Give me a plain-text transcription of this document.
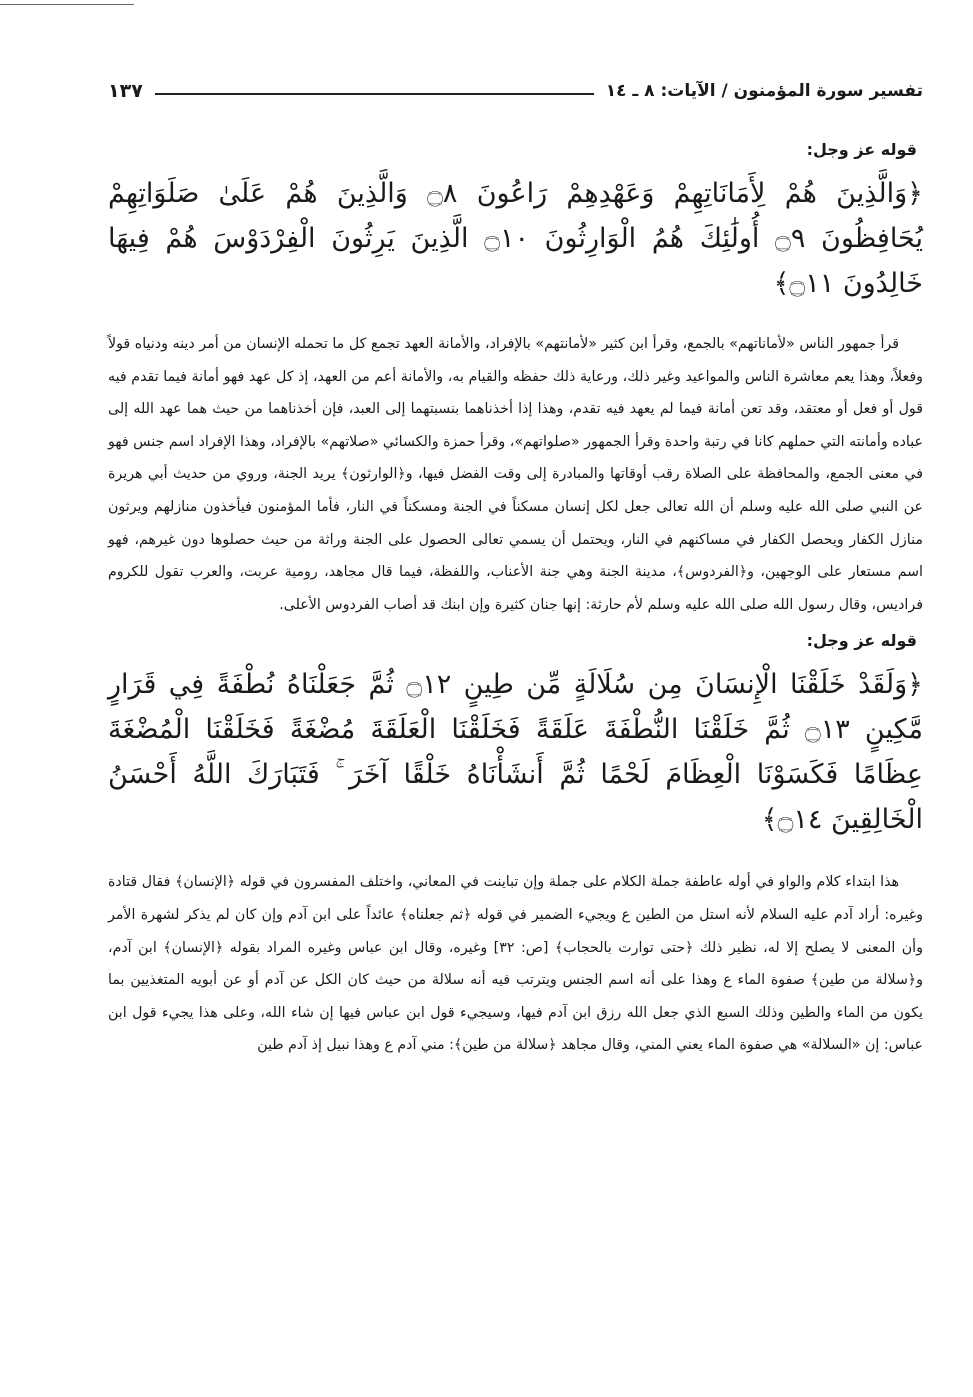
تفسير سورة المؤمنون / الآيات: ٨ ـ ١٤
١٣٧
قوله عز وجل:
﴿وَالَّذِينَ هُمْ لِأَمَانَاتِهِمْ وَعَهْدِهِمْ رَاعُونَ ۝٨ وَالَّذِينَ هُمْ عَلَىٰ صَلَوَاتِهِمْ يُحَافِظُونَ ۝٩ أُولَٰئِكَ هُمُ الْوَارِثُونَ ۝١٠ الَّذِينَ يَرِثُونَ الْفِرْدَوْسَ هُمْ فِيهَا خَالِدُونَ ۝١١﴾

قرأ جمهور الناس «لأماناتهم» بالجمع، وقرأ ابن كثير «لأمانتهم» بالإفراد، والأمانة العهد تجمع كل ما تحمله الإنسان من أمر دينه ودنياه قولاً وفعلاً، وهذا يعم معاشرة الناس والمواعيد وغير ذلك، ورعاية ذلك حفظه والقيام به، والأمانة أعم من العهد، إذ كل عهد فهو أمانة فيما تقدم فيه قول أو فعل أو معتقد، وقد تعن أمانة فيما لم يعهد فيه تقدم، وهذا إذا أخذناهما بنسبتهما إلى العبد، فإن أخذناهما من حيث هما عهد الله إلى عباده وأمانته التي حملهم كانا في رتبة واحدة وقرأ الجمهور «صلواتهم»، وقرأ حمزة والكسائي «صلاتهم» بالإفراد، وهذا الإفراد اسم جنس فهو في معنى الجمع، والمحافظة على الصلاة رقب أوقاتها والمبادرة إلى وقت الفضل فيها، و﴿الوارثون﴾ يريد الجنة، وروي من حديث أبي هريرة عن النبي صلى الله عليه وسلم أن الله تعالى جعل لكل إنسان مسكناً في الجنة ومسكناً في النار، فأما المؤمنون فيأخذون منازلهم ويرثون منازل الكفار ويحصل الكفار في مساكنهم في النار، ويحتمل أن يسمي تعالى الحصول على الجنة وراثة من حيث حصلوها دون غيرهم، فهو اسم مستعار على الوجهين، و﴿الفردوس﴾، مدينة الجنة وهي جنة الأعناب، واللفظة، فيما قال مجاهد، رومية عربت، والعرب تقول للكروم فراديس، وقال رسول الله صلى الله عليه وسلم لأم حارثة: إنها جنان كثيرة وإن ابنك قد أصاب الفردوس الأعلى.

قوله عز وجل:
﴿وَلَقَدْ خَلَقْنَا الْإِنسَانَ مِن سُلَالَةٍ مِّن طِينٍ ۝١٢ ثُمَّ جَعَلْنَاهُ نُطْفَةً فِي قَرَارٍ مَّكِينٍ ۝١٣ ثُمَّ خَلَقْنَا النُّطْفَةَ عَلَقَةً فَخَلَقْنَا الْعَلَقَةَ مُضْغَةً فَخَلَقْنَا الْمُضْغَةَ عِظَامًا فَكَسَوْنَا الْعِظَامَ لَحْمًا ثُمَّ أَنشَأْنَاهُ خَلْقًا آخَرَ ۚ فَتَبَارَكَ اللَّهُ أَحْسَنُ الْخَالِقِينَ ۝١٤﴾

هذا ابتداء كلام والواو في أوله عاطفة جملة الكلام على جملة وإن تباينت في المعاني، واختلف المفسرون في قوله ﴿الإنسان﴾ فقال قتادة وغيره: أراد آدم عليه السلام لأنه استل من الطين ع ويجيء الضمير في قوله ﴿ثم جعلناه﴾ عائداً على ابن آدم وإن كان لم يذكر لشهرة الأمر وأن المعنى لا يصلح إلا له، نظير ذلك ﴿حتى توارت بالحجاب﴾ [ص: ٣٢] وغيره، وقال ابن عباس وغيره المراد بقوله ﴿الإنسان﴾ ابن آدم، و﴿سلالة من طين﴾ صفوة الماء ع وهذا على أنه اسم الجنس ويترتب فيه أنه سلالة من حيث كان الكل عن آدم أو عن أبويه المتغذيين بما يكون من الماء والطين وذلك السبع الذي جعل الله رزق ابن آدم فيها، وسيجيء قول ابن عباس فيها إن شاء الله، وعلى هذا يجيء قول ابن عباس: إن «السلالة» هي صفوة الماء يعني المني، وقال مجاهد ﴿سلالة من طين﴾: مني آدم ع وهذا نبيل إذ آدم طين
